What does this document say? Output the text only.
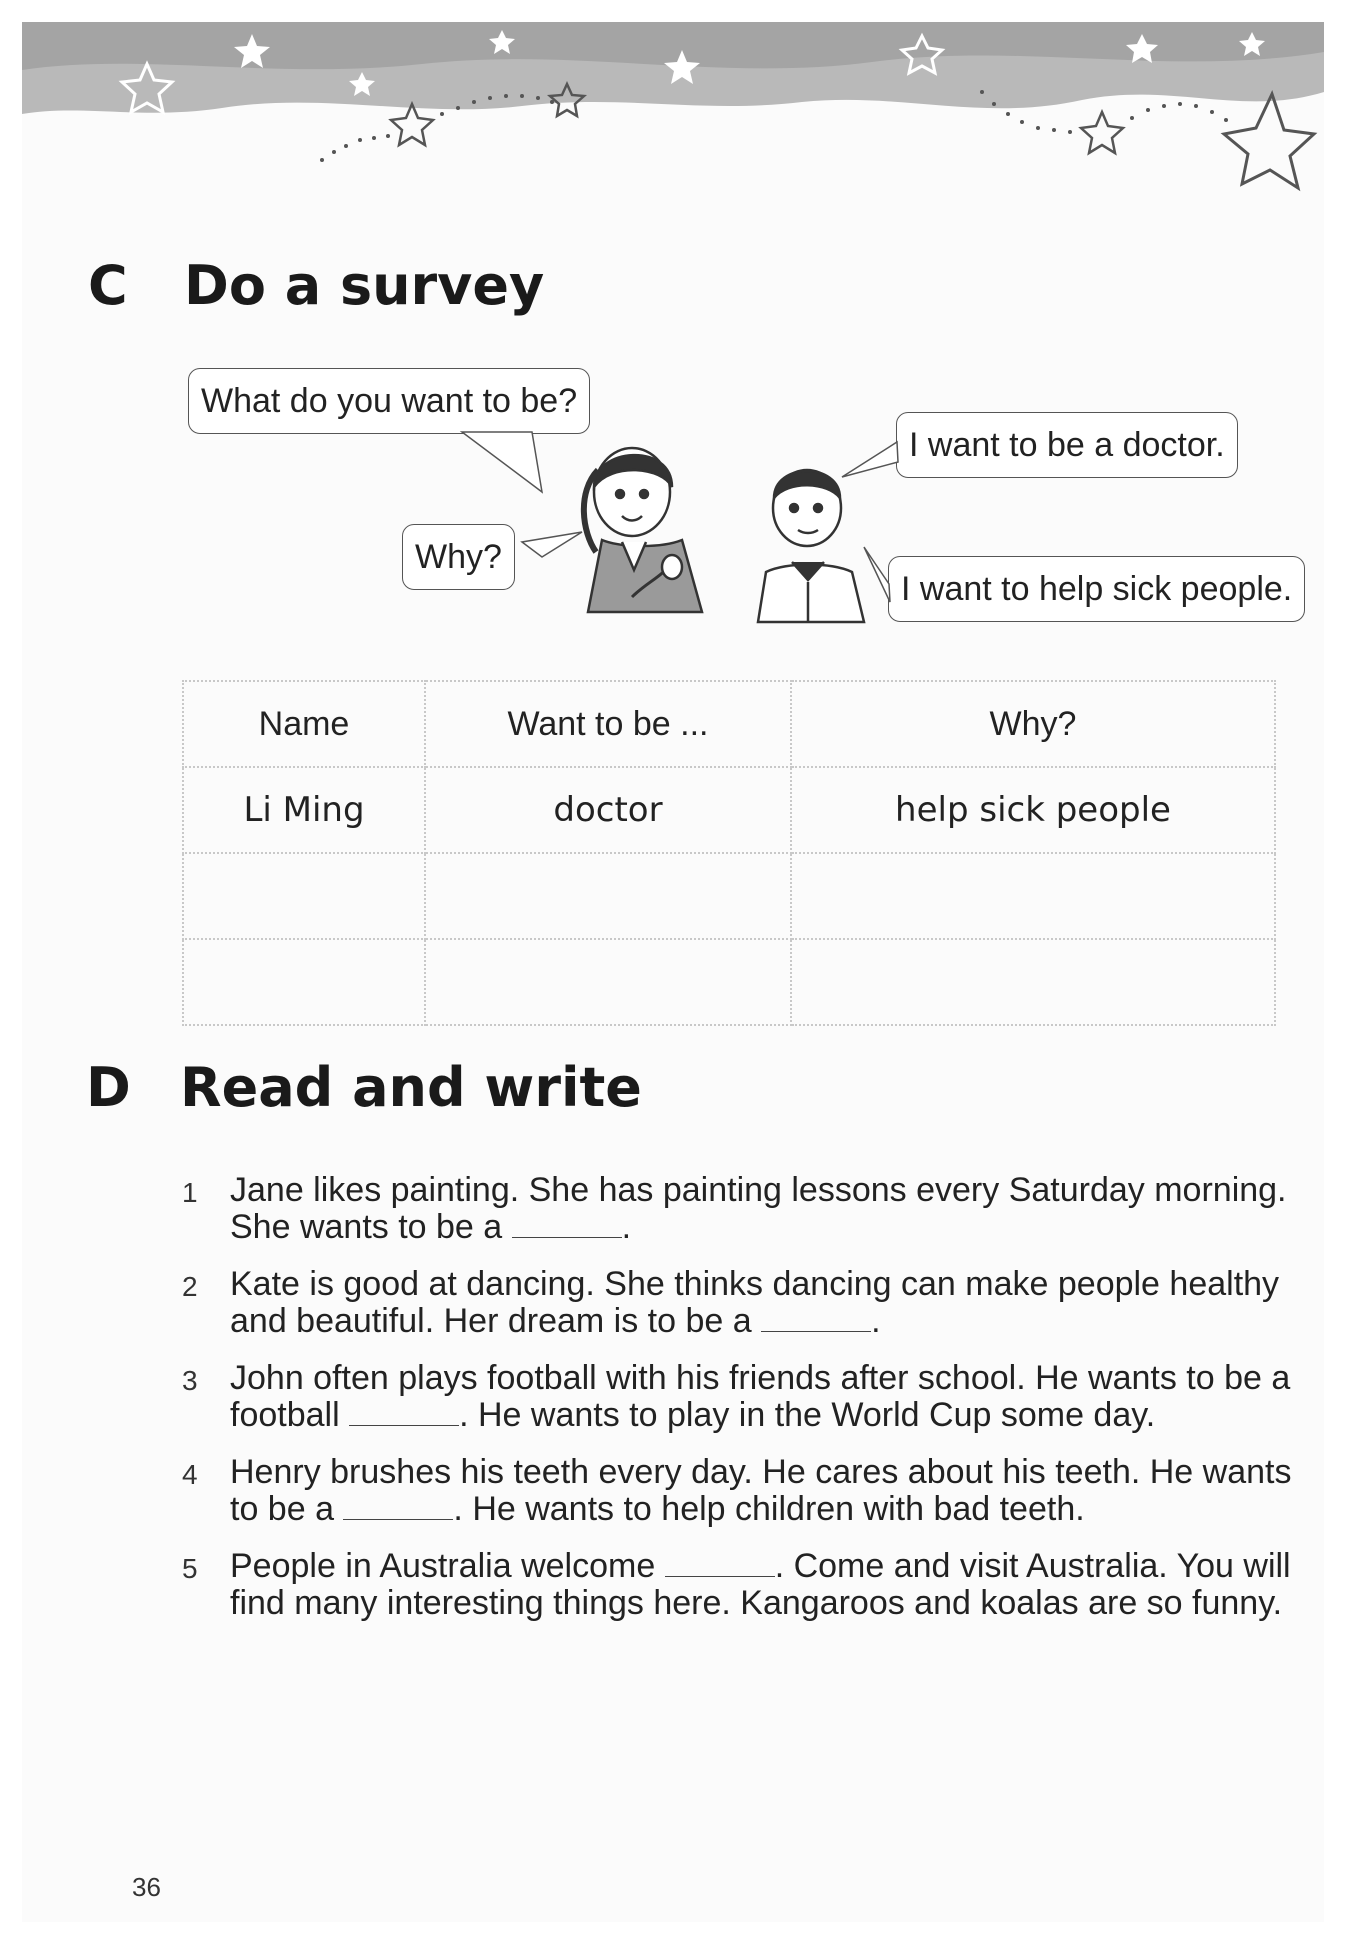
C Do a survey
What do you want to be?
Why?
I want to be a doctor.
I want to help sick people.
Name	Want to be ...	Why?
Li Ming	doctor	help sick people

D Read and write
1 Jane likes painting. She has painting lessons every Saturday morning. She wants to be a	.
2 Kate is good at dancing. She thinks dancing can make people healthy and beautiful. Her dream is to be a	.
3 John often plays football with his friends after school. He wants to be a football	. He wants to play in the World Cup some day.
4 Henry brushes his teeth every day. He cares about his teeth. He wants to be a	. He wants to help children with bad teeth.
5 People in Australia welcome	. Come and visit Australia. You will find many interesting things here. Kangaroos and koalas are so funny.
36
